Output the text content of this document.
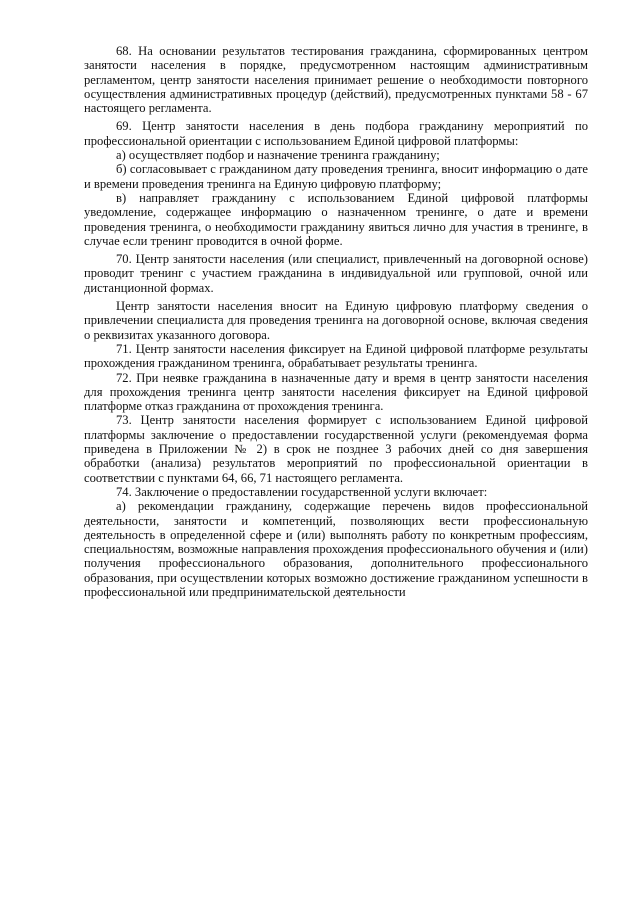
68. На основании результатов тестирования гражданина, сформированных центром занятости населения в порядке, предусмотренном настоящим административным регламентом, центр занятости населения принимает решение о необходимости повторного осуществления административных процедур (действий), предусмотренных пунктами 58 - 67 настоящего регламента.

69. Центр занятости населения в день подбора гражданину мероприятий по профессиональной ориентации с использованием Единой цифровой платформы:

а) осуществляет подбор и назначение тренинга гражданину;

б) согласовывает с гражданином дату проведения тренинга, вносит информацию о дате и времени проведения тренинга на Единую цифровую платформу;

в) направляет гражданину с использованием Единой цифровой платформы уведомление, содержащее информацию о назначенном тренинге, о дате и времени проведения тренинга, о необходимости гражданину явиться лично для участия в тренинге, в случае если тренинг проводится в очной форме.

70. Центр занятости населения (или специалист, привлеченный на договорной основе) проводит тренинг с участием гражданина в индивидуальной или групповой, очной или дистанционной формах.

Центр занятости населения вносит на Единую цифровую платформу сведения о привлечении специалиста для проведения тренинга на договорной основе, включая сведения о реквизитах указанного договора.

71. Центр занятости населения фиксирует на Единой цифровой платформе результаты прохождения гражданином тренинга, обрабатывает результаты тренинга.

72. При неявке гражданина в назначенные дату и время в центр занятости населения для прохождения тренинга центр занятости населения фиксирует на Единой цифровой платформе отказ гражданина от прохождения тренинга.

73. Центр занятости населения формирует с использованием Единой цифровой платформы заключение о предоставлении государственной услуги (рекомендуемая форма приведена в Приложении № 2) в срок не позднее 3 рабочих дней со дня завершения обработки (анализа) результатов мероприятий по профессиональной ориентации в соответствии с пунктами 64, 66, 71 настоящего регламента.

74. Заключение о предоставлении государственной услуги включает:

а) рекомендации гражданину, содержащие перечень видов профессиональной деятельности, занятости и компетенций, позволяющих вести профессиональную деятельность в определенной сфере и (или) выполнять работу по конкретным профессиям, специальностям, возможные направления прохождения профессионального обучения и (или) получения профессионального образования, дополнительного профессионального образования, при осуществлении которых возможно достижение гражданином успешности в профессиональной или предпринимательской деятельности
